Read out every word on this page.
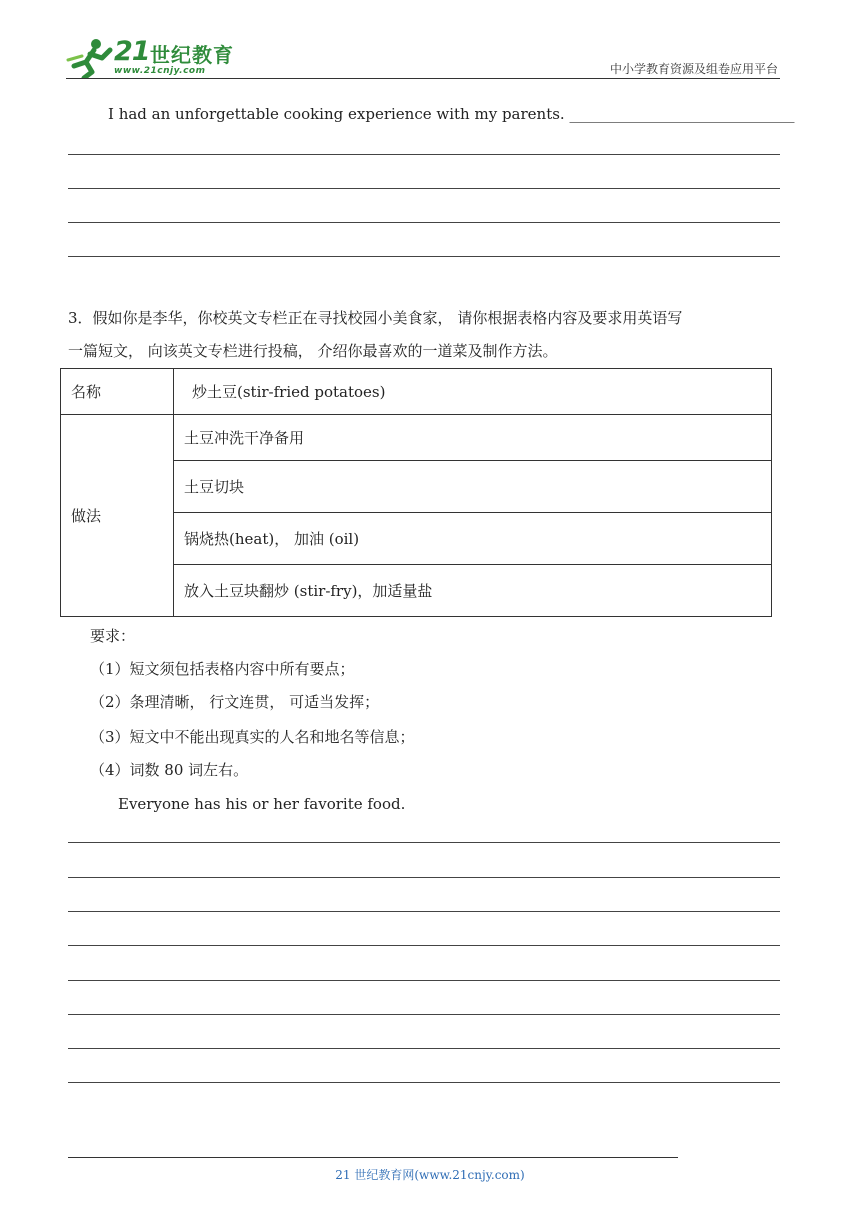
21 世纪教育
www.21cnjy.com	中小学教育资源及组卷应用平台
I had an unforgettable cooking experience with my parents. ______________________________
3．假如你是李华，你校英文专栏正在寻找校园小美食家， 请你根据表格内容及要求用英语写
一篇短文， 向该英文专栏进行投稿， 介绍你最喜欢的一道菜及制作方法。
名称	炒土豆(stir-fried potatoes)
做法	土豆冲洗干净备用
	土豆切块
	锅烧热(heat)， 加油 (oil)
	放入土豆块翻炒 (stir-fry)，加适量盐
要求：
（1）短文须包括表格内容中所有要点；
（2）条理清晰， 行文连贯， 可适当发挥；
（3）短文中不能出现真实的人名和地名等信息；
（4）词数 80 词左右。
Everyone has his or her favorite food.
21 世纪教育网(www.21cnjy.com)
